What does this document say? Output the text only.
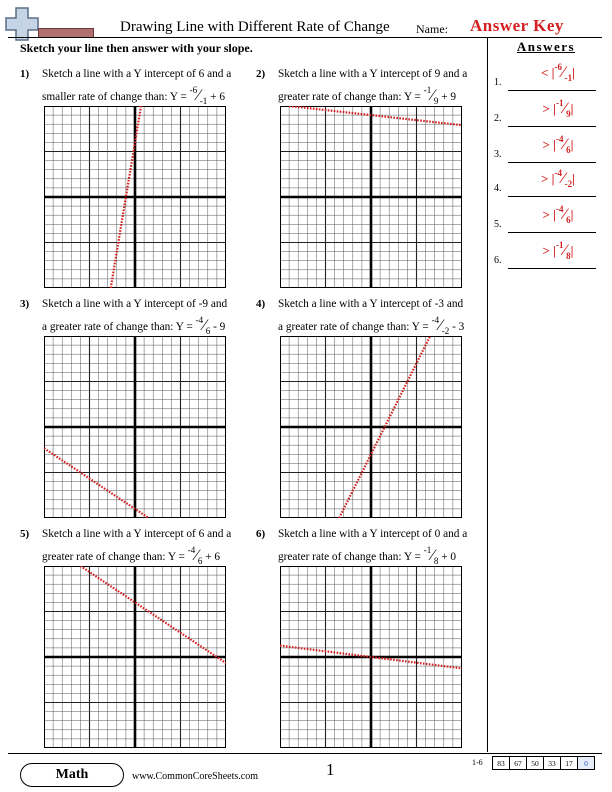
Drawing Line with Different Rate of Change Name: Answer Key
Sketch your line then answer with your slope.	Answers
1.
< $|^{-6}⁄_{-1}|$
2.
> $|^{-1}⁄_9|$
3.
> $|^{-4}⁄_6|$
4.
> $|^{-4}⁄_{-2}|$
5.
> $|^{-4}⁄_6|$
6.
> $|^{-1}⁄_8|$
1) Sketch a line with a Y intercept of 6 and a
smaller rate of change than: $Y = ^{-6}⁄_{-1} + 6$
2) Sketch a line with a Y intercept of 9 and a
greater rate of change than: $Y = ^{-1}⁄_9 + 9$
3) Sketch a line with a Y intercept of -9 and
a greater rate of change than: $Y = ^{-4}⁄_6 - 9$
4) Sketch a line with a Y intercept of -3 and
a greater rate of change than: $Y = ^{-4}⁄_{-2} - 3$
5) Sketch a line with a Y intercept of 6 and a
greater rate of change than: $Y = ^{-4}⁄_6 + 6$
6) Sketch a line with a Y intercept of 0 and a
greater rate of change than: $Y = ^{-1}⁄_8 + 0$
Math	www.CommonCoreSheets.com	1	1-6 83	67	50	33	17	0
